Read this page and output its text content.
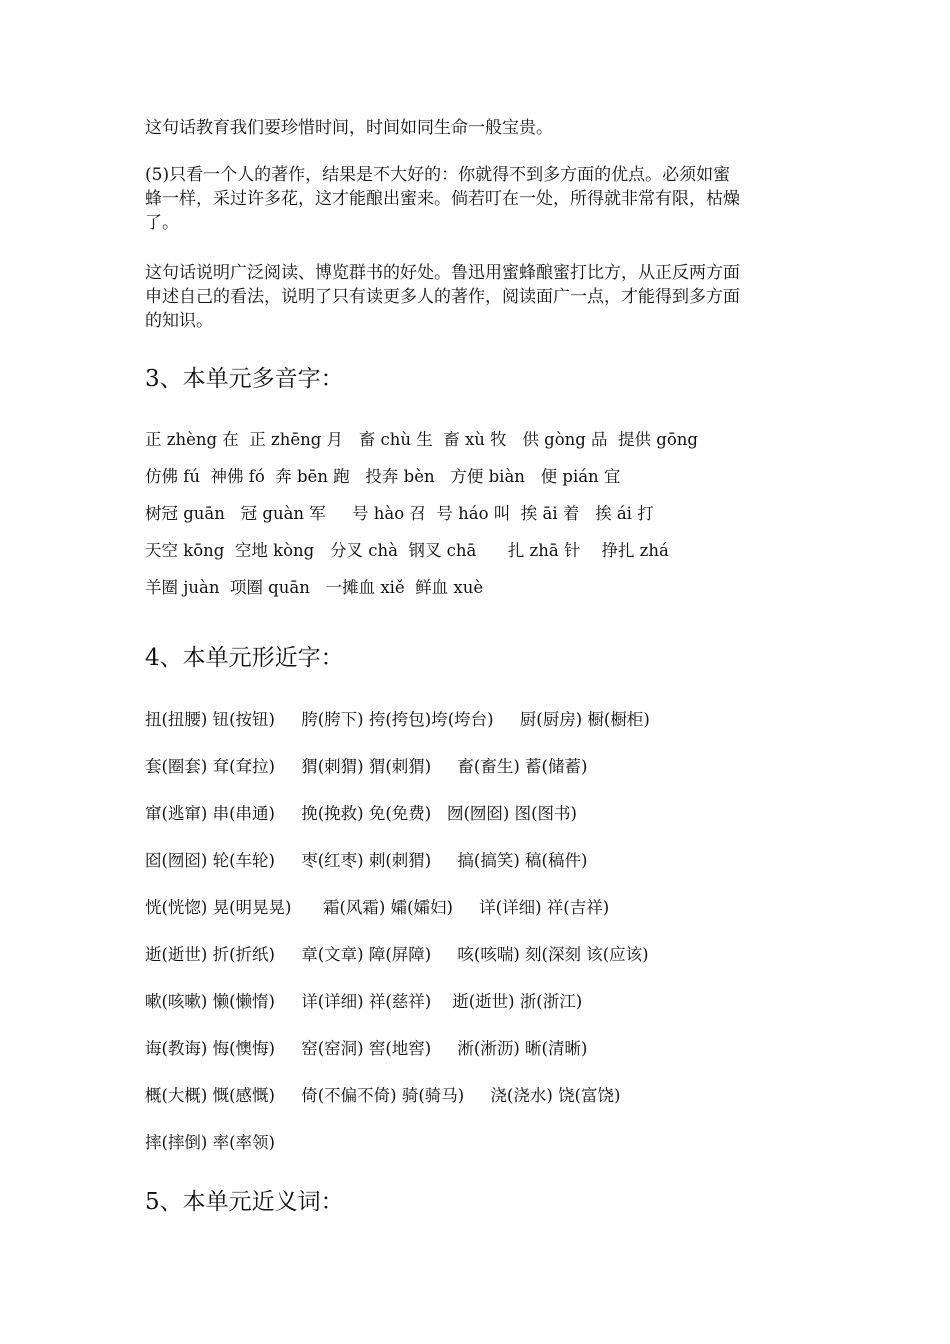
这句话教育我们要珍惜时间，时间如同生命一般宝贵。

(5)只看一个人的著作，结果是不大好的：你就得不到多方面的优点。必须如蜜
蜂一样，采过许多花，这才能酿出蜜来。倘若叮在一处，所得就非常有限，枯燥
了。

这句话说明广泛阅读、博览群书的好处。鲁迅用蜜蜂酿蜜打比方，从正反两方面
申述自己的看法，说明了只有读更多人的著作，阅读面广一点，才能得到多方面
的知识。

3、本单元多音字：
正 zhèng 在  正 zhēng 月   畜 chù 生  畜 xù 牧   供 gòng 品  提供 gōng
仿佛 fú  神佛 fó  奔 bēn 跑   投奔 bèn   方便 biàn   便 pián 宜
树冠 guān   冠 guàn 军     号 hào 召  号 háo 叫  挨 āi 着   挨 ái 打
天空 kōng  空地 kòng   分叉 chà  钢叉 chā      扎 zhā 针    挣扎 zhá
羊圈 juàn  项圈 quān   一摊血 xiě  鲜血 xuè
4、本单元形近字：
扭(扭腰) 钮(按钮)     胯(胯下) 挎(挎包)垮(垮台)     厨(厨房) 橱(橱柜)
套(圈套) 耷(耷拉)     猬(刺猬) 猬(刺猬)     畜(畜生) 蓄(储蓄)
窜(逃窜) 串(串通)     挽(挽救) 免(免费)   囫(囫囵) 图(图书)
囵(囫囵) 轮(车轮)     枣(红枣) 刺(刺猬)     搞(搞笑) 稿(稿件)
恍(恍惚) 晃(明晃晃)      霜(风霜) 孀(孀妇)     详(详细) 祥(吉祥)
逝(逝世) 折(折纸)     章(文章) 障(屏障)     咳(咳喘) 刻(深刻 该(应该)
嗽(咳嗽) 懒(懒惰)     详(详细) 祥(慈祥)    逝(逝世) 浙(浙江)
诲(教诲) 悔(懊悔)     窑(窑洞) 窖(地窖)     淅(淅沥) 晰(清晰)
概(大概) 慨(感慨)     倚(不偏不倚) 骑(骑马)     浇(浇水) 饶(富饶)
摔(摔倒) 率(率领)
5、本单元近义词：
